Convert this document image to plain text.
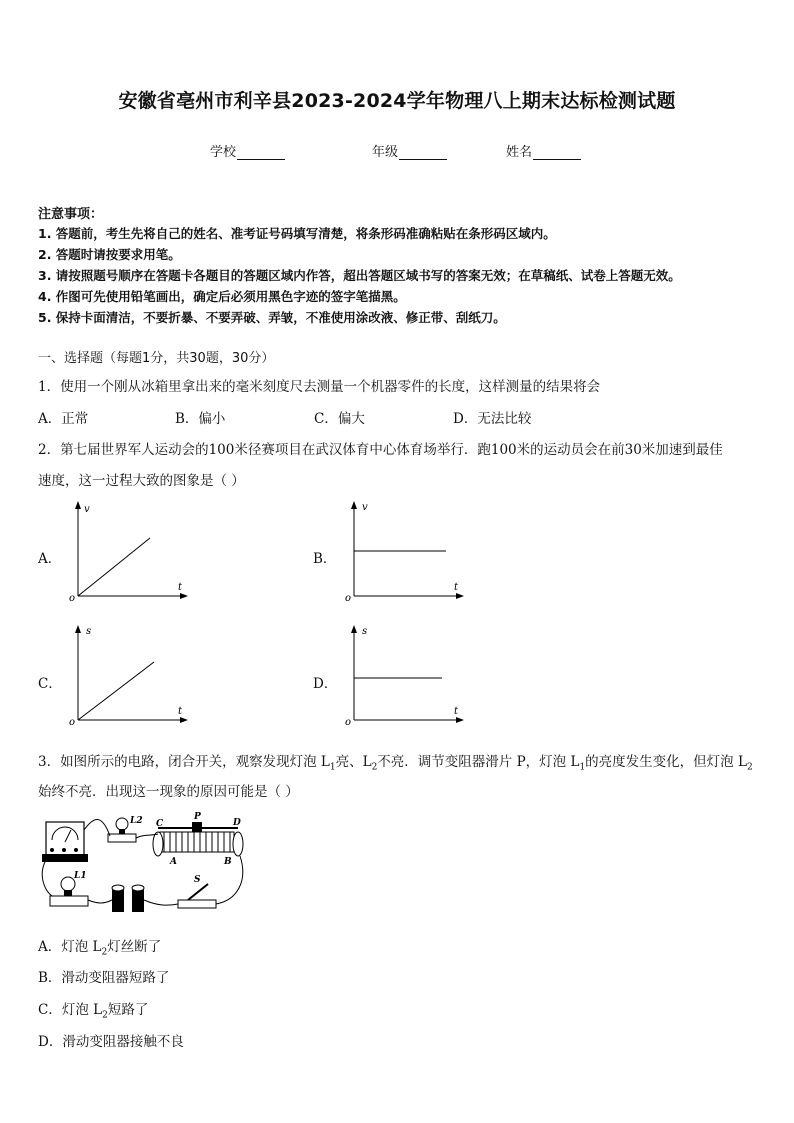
安徽省亳州市利辛县2023-2024学年物理八上期末达标检测试题
学校	年级	姓名
注意事项：
1. 答题前，考生先将自己的姓名、准考证号码填写清楚，将条形码准确粘贴在条形码区域内。
2. 答题时请按要求用笔。
3. 请按照题号顺序在答题卡各题目的答题区域内作答，超出答题区域书写的答案无效；在草稿纸、试卷上答题无效。
4. 作图可先使用铅笔画出，确定后必须用黑色字迹的签字笔描黑。
5. 保持卡面清洁，不要折暴、不要弄破、弄皱，不准使用涂改液、修正带、刮纸刀。
一、选择题（每题1分，共30题，30分）
1．使用一个刚从冰箱里拿出来的毫米刻度尺去测量一个机器零件的长度，这样测量的结果将会
A．正常	B．偏小	C．偏大	D．无法比较
2．第七届世界军人运动会的100米径赛项目在武汉体育中心体育场举行．跑100米的运动员会在前30米加速到最佳
速度，这一过程大致的图象是（ ）
A．
v
t
o
B．
v
t
o
C．
s
t
o
D．
s
t
o
3．如图所示的电路，闭合开关，观察发现灯泡 $L_1$亮、$L_2$不亮．调节变阻器滑片 P，灯泡 $L_1$的亮度发生变化，但灯泡 $L_2$
始终不亮．出现这一现象的原因可能是（ ）
L2 C
P
D
A	B
L1	S
A．灯泡 $L_2$灯丝断了
B．滑动变阻器短路了
C．灯泡 $L_2$短路了
D．滑动变阻器接触不良
